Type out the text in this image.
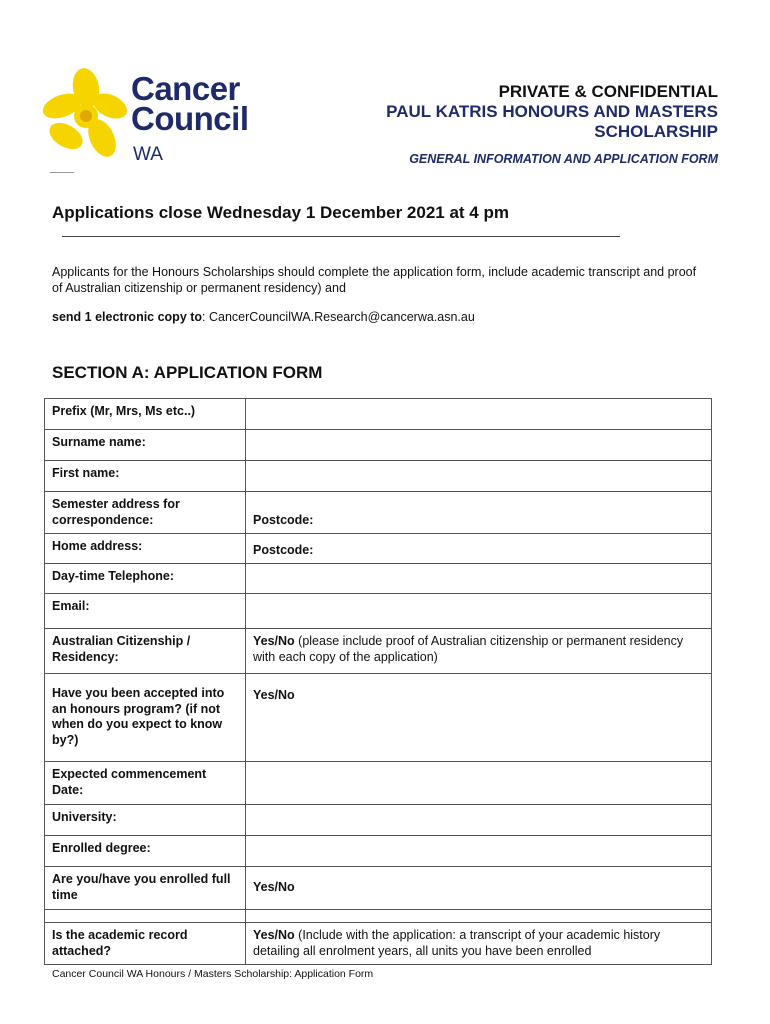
Cancer
Council
WA
PRIVATE & CONFIDENTIAL
PAUL KATRIS HONOURS AND MASTERS SCHOLARSHIP
GENERAL INFORMATION AND APPLICATION FORM
Applications close Wednesday 1 December 2021 at 4 pm
Applicants for the Honours Scholarships should complete the application form, include academic transcript and proof of Australian citizenship or permanent residency) and
send 1 electronic copy to: CancerCouncilWA.Research@cancerwa.asn.au
SECTION A: APPLICATION FORM
Prefix (Mr, Mrs, Ms etc..)	
Surname name:	
First name:	
Semester address for correspondence:	Postcode:
Home address:	Postcode:
Day-time Telephone:	
Email:	
Australian Citizenship / Residency:	Yes/No (please include proof of Australian citizenship or permanent residency with each copy of the application)
Have you been accepted into an honours program? (if not when do you expect to know by?)	Yes/No
Expected commencement Date:	
University:	
Enrolled degree:	
Are you/have you enrolled full time	Yes/No

Is the academic record attached?	Yes/No (Include with the application: a transcript of your academic history detailing all enrolment years, all units you have been enrolled
Cancer Council WA Honours / Masters Scholarship: Application Form
